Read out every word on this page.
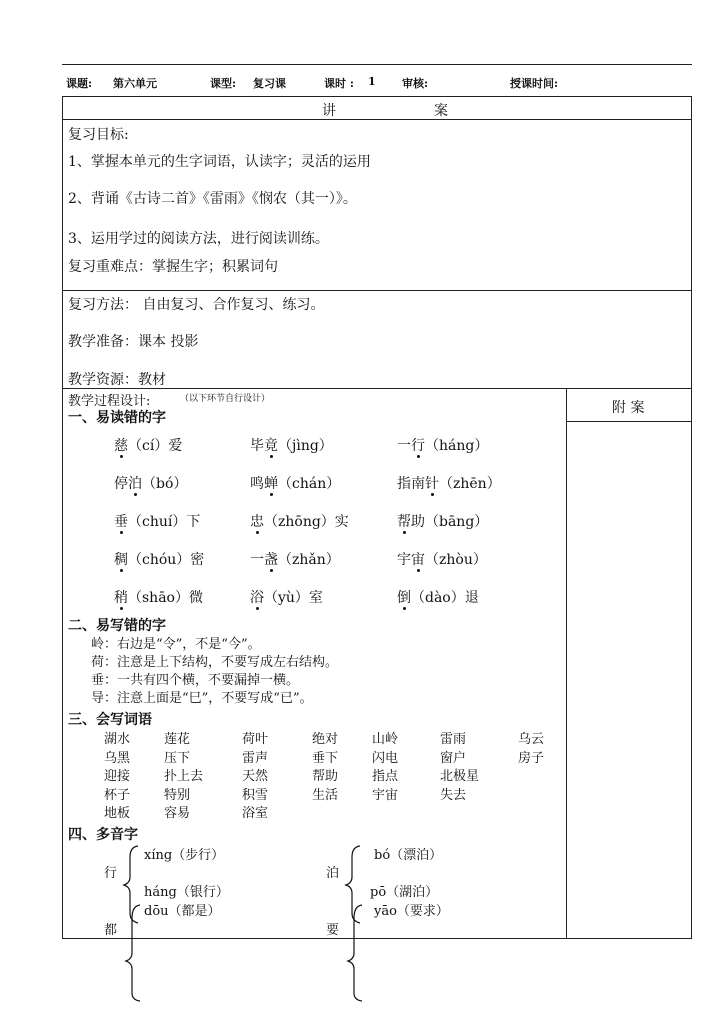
课题: 第六单元	课型: 复习课	课时 : 1 审核:	授课时间:
讲	案
复习目标:
1、掌握本单元的生字词语，认读字；灵活的运用
2、背诵《古诗二首》《雷雨》《悯农（其一）》。
3、运用学过的阅读方法，进行阅读训练。
复习重难点：掌握生字；积累词句
复习方法： 自由复习、合作复习、练习。
教学准备：课本 投影
教学资源：教材
教学过程设计:	（以下环节自行设计）
附 案
一、易读错的字
慈（cí）爱	毕竟（jìng）	一行（háng）
停泊（bó）	鸣蝉（chán）	指南针（zhēn）
垂（chuí）下	忠（zhōng）实	帮助（bāng）
稠（chóu）密	一盏（zhǎn）	宇宙（zhòu）
稍（shāo）微	浴（yù）室	倒（dào）退
二、易写错的字
岭：右边是“令”，不是“今”。
荷：注意是上下结构，不要写成左右结构。
垂：一共有四个横，不要漏掉一横。
导：注意上面是“巳”，不要写成“已”。
三、会写词语
湖水	莲花	荷叶	绝对	山岭	雷雨	乌云
乌黑	压下	雷声	垂下	闪电	窗户	房子
迎接	扑上去	天然	帮助	指点	北极星
杯子	特别	积雪	生活	宇宙	失去
地板	容易	浴室
四、多音字
行
xíng（步行）
háng（银行）
都
dōu（都是）
泊
bó（漂泊）
pō（湖泊）
要
yāo（要求）
